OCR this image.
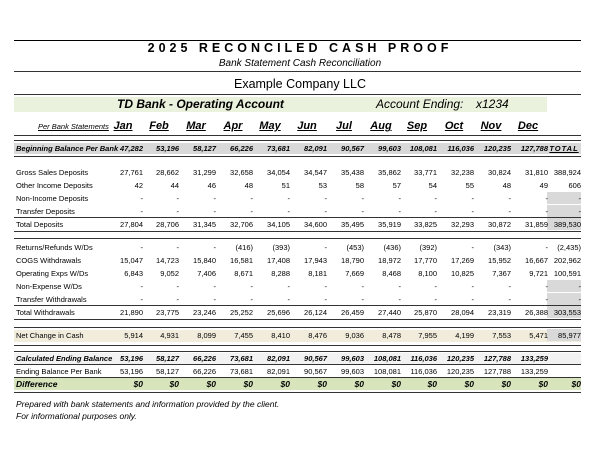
2025 RECONCILED CASH PROOF
Bank Statement Cash Reconciliation
Example Company LLC
TD Bank - Operating Account	Account Ending: x1234
Per Bank Statements Jan	Feb	Mar	Apr	May	Jun	Jul	Aug	Sep	Oct	Nov	Dec
Beginning Balance Per Bank 47,282	53,196	58,127	66,226	73,681	82,091	90,567	99,603	108,081	116,036	120,235	127,788 TOTAL
Gross Sales Deposits	27,761	28,662	31,299	32,658	34,054	34,547	35,438	35,862	33,771	32,238	30,824	31,810 388,924
Other Income Deposits	42	44	46	48	51	53	58	57	54	55	48	49	606
Non-Income Deposits	-	-	-	-	-	-	-	-	-	-	-	-	-
Transfer Deposits	-	-	-	-	-	-	-	-	-	-	-	-	-
Total Deposits	27,804	28,706	31,345	32,706	34,105	34,600	35,495	35,919	33,825	32,293	30,872	31,859 389,530
Returns/Refunds W/Ds	-	-	-	(416)	(393)	-	(453)	(436)	(392)	-	(343)	-	(2,435)
COGS Withdrawals	15,047	14,723	15,840	16,581	17,408	17,943	18,790	18,972	17,770	17,269	15,952	16,667 202,962
Operating Exps W/Ds	6,843	9,052	7,406	8,671	8,288	8,181	7,669	8,468	8,100	10,825	7,367	9,721 100,591
Non-Expense W/Ds	-	-	-	-	-	-	-	-	-	-	-	-	-
Transfer Withdrawals	-	-	-	-	-	-	-	-	-	-	-	-	-
Total Withdrawals	21,890	23,775	23,246	25,252	25,696	26,124	26,459	27,440	25,870	28,094	23,319	26,388 303,553
Net Change in Cash	5,914	4,931	8,099	7,455	8,410	8,476	9,036	8,478	7,955	4,199	7,553	5,471	85,977
Calculated Ending Balance	53,196	58,127	66,226	73,681	82,091	90,567	99,603	108,081	116,036	120,235	127,788	133,259
Ending Balance Per Bank	53,196	58,127	66,226	73,681	82,091	90,567	99,603	108,081	116,036	120,235	127,788	133,259
Difference	$0	$0	$0	$0	$0	$0	$0	$0	$0	$0	$0	$0	$0
Prepared with bank statements and information provided by the client.
For informational purposes only.
